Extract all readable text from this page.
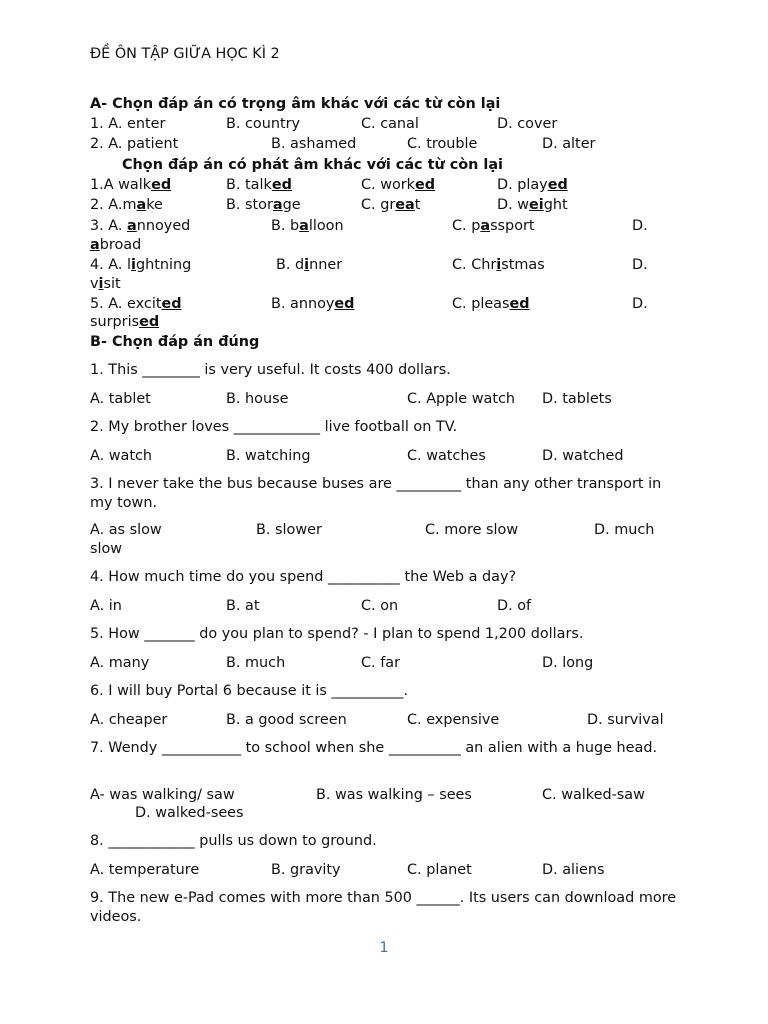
ĐỀ ÔN TẬP GIỮA HỌC KÌ 2
A- Chọn đáp án có trọng âm khác với các từ còn lại
1. A. enter	B. country	C. canal	D. cover
2. A. patient	B. ashamed	C. trouble	D. alter
Chọn đáp án có phát âm khác với các từ còn lại
1.A walked	B. talked	C. worked	D. played
2. A.make	B. storage	C. great	D. weight
3. A. annoyed	B. balloon	C. passport	D.
abroad
4. A. lightning	B. dinner	C. Christmas	D.
visit
5. A. excited	B. annoyed	C. pleased	D.
surprised
B- Chọn đáp án đúng
1. This ________ is very useful. It costs 400 dollars.
A. tablet	B. house	C. Apple watch D. tablets
2. My brother loves ____________ live football on TV.
A. watch	B. watching	C. watches	D. watched
3. I never take the bus because buses are _________ than any other transport in my town.
A. as slow	B. slower	C. more slow	D. much
slow
4. How much time do you spend __________ the Web a day?
A. in	B. at	C. on	D. of
5. How _______ do you plan to spend? - I plan to spend 1,200 dollars.
A. many	B. much	C. far	D. long
6. I will buy Portal 6 because it is __________.
A. cheaper	B. a good screen	C. expensive	D. survival
7. Wendy ___________ to school when she __________ an alien with a huge head.
A- was walking/ saw	B. was walking – sees	C. walked-saw
D. walked-sees
8. ____________ pulls us down to ground.
A. temperature	B. gravity	C. planet	D. aliens
9. The new e-Pad comes with more than 500 ______. Its users can download more videos.
1
